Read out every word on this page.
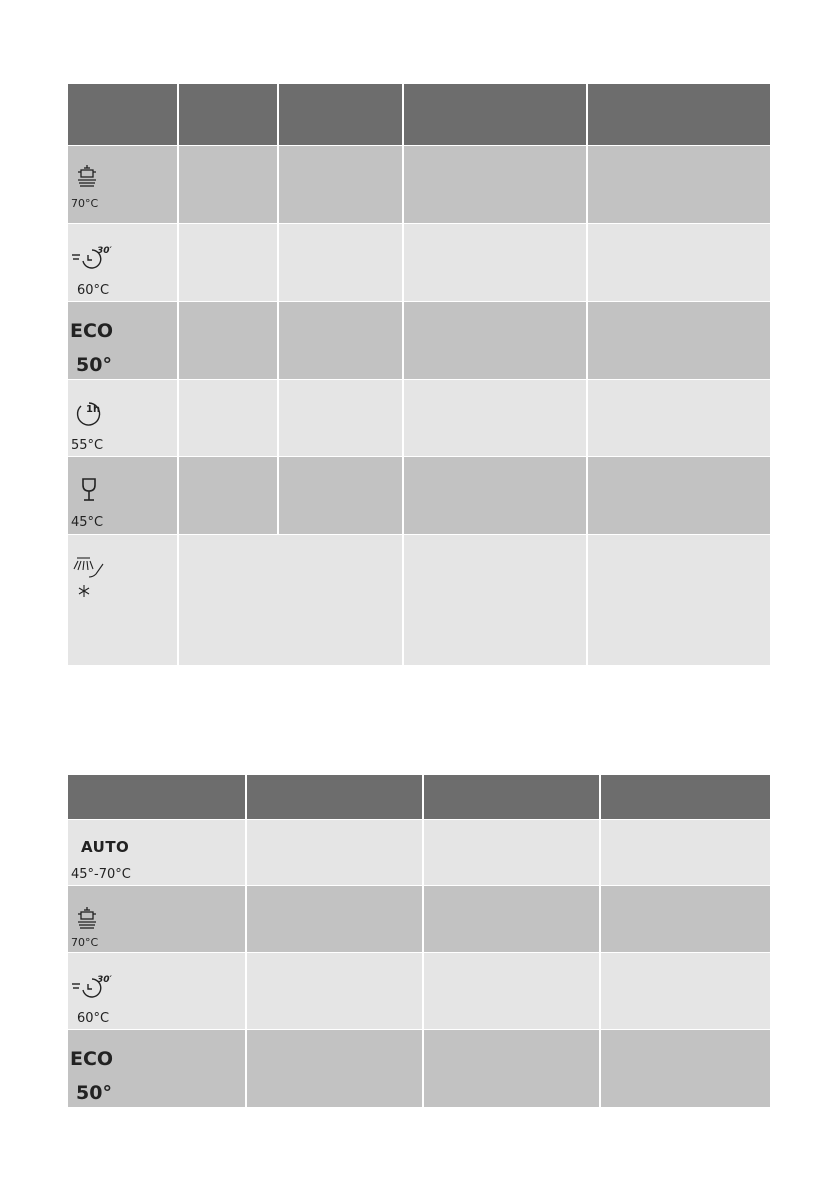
70°C
30′
60°C
ECO
50°
1h
55°C
45°C
AUTO
45°-70°C
70°C
30′
60°C
ECO
50°
